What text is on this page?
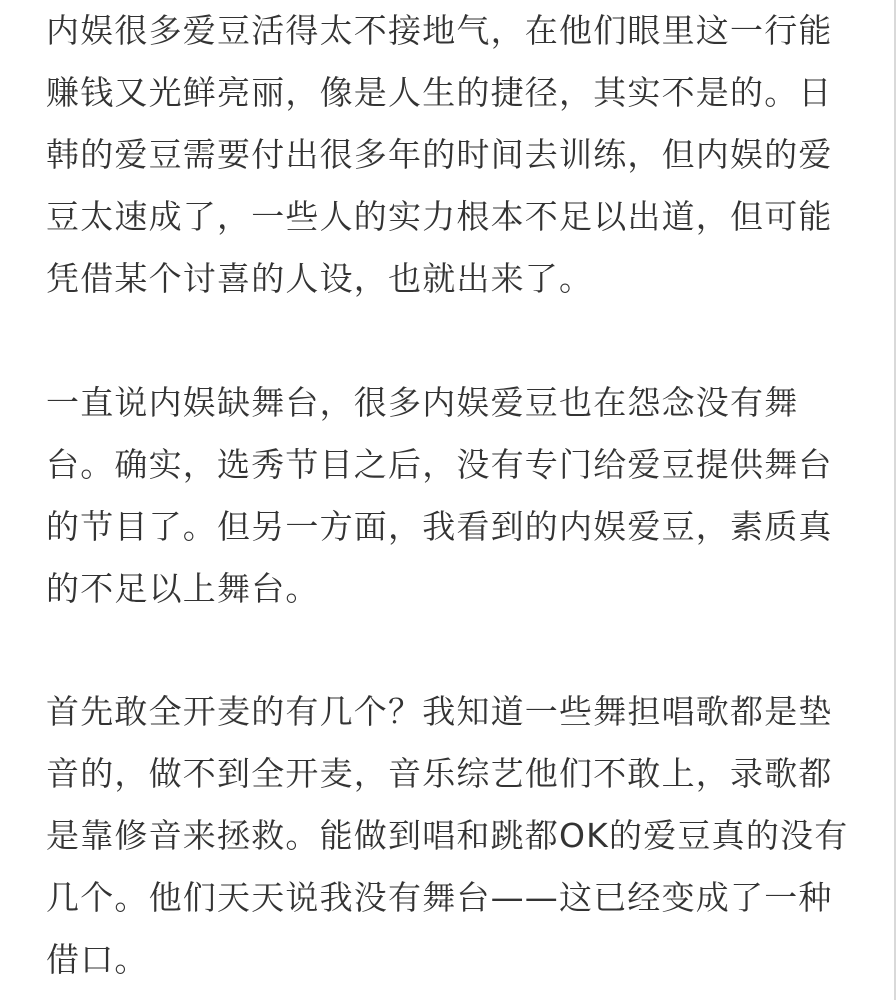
内娱很多爱豆活得太不接地气，在他们眼里这一行能
赚钱又光鲜亮丽，像是人生的捷径，其实不是的。日
韩的爱豆需要付出很多年的时间去训练，但内娱的爱
豆太速成了，一些人的实力根本不足以出道，但可能
凭借某个讨喜的人设，也就出来了。
一直说内娱缺舞台，很多内娱爱豆也在怨念没有舞
台。确实，选秀节目之后，没有专门给爱豆提供舞台
的节目了。但另一方面，我看到的内娱爱豆，素质真
的不足以上舞台。
首先敢全开麦的有几个？我知道一些舞担唱歌都是垫
音的，做不到全开麦，音乐综艺他们不敢上，录歌都
是靠修音来拯救。能做到唱和跳都OK的爱豆真的没有
几个。他们天天说我没有舞台——这已经变成了一种
借口。
